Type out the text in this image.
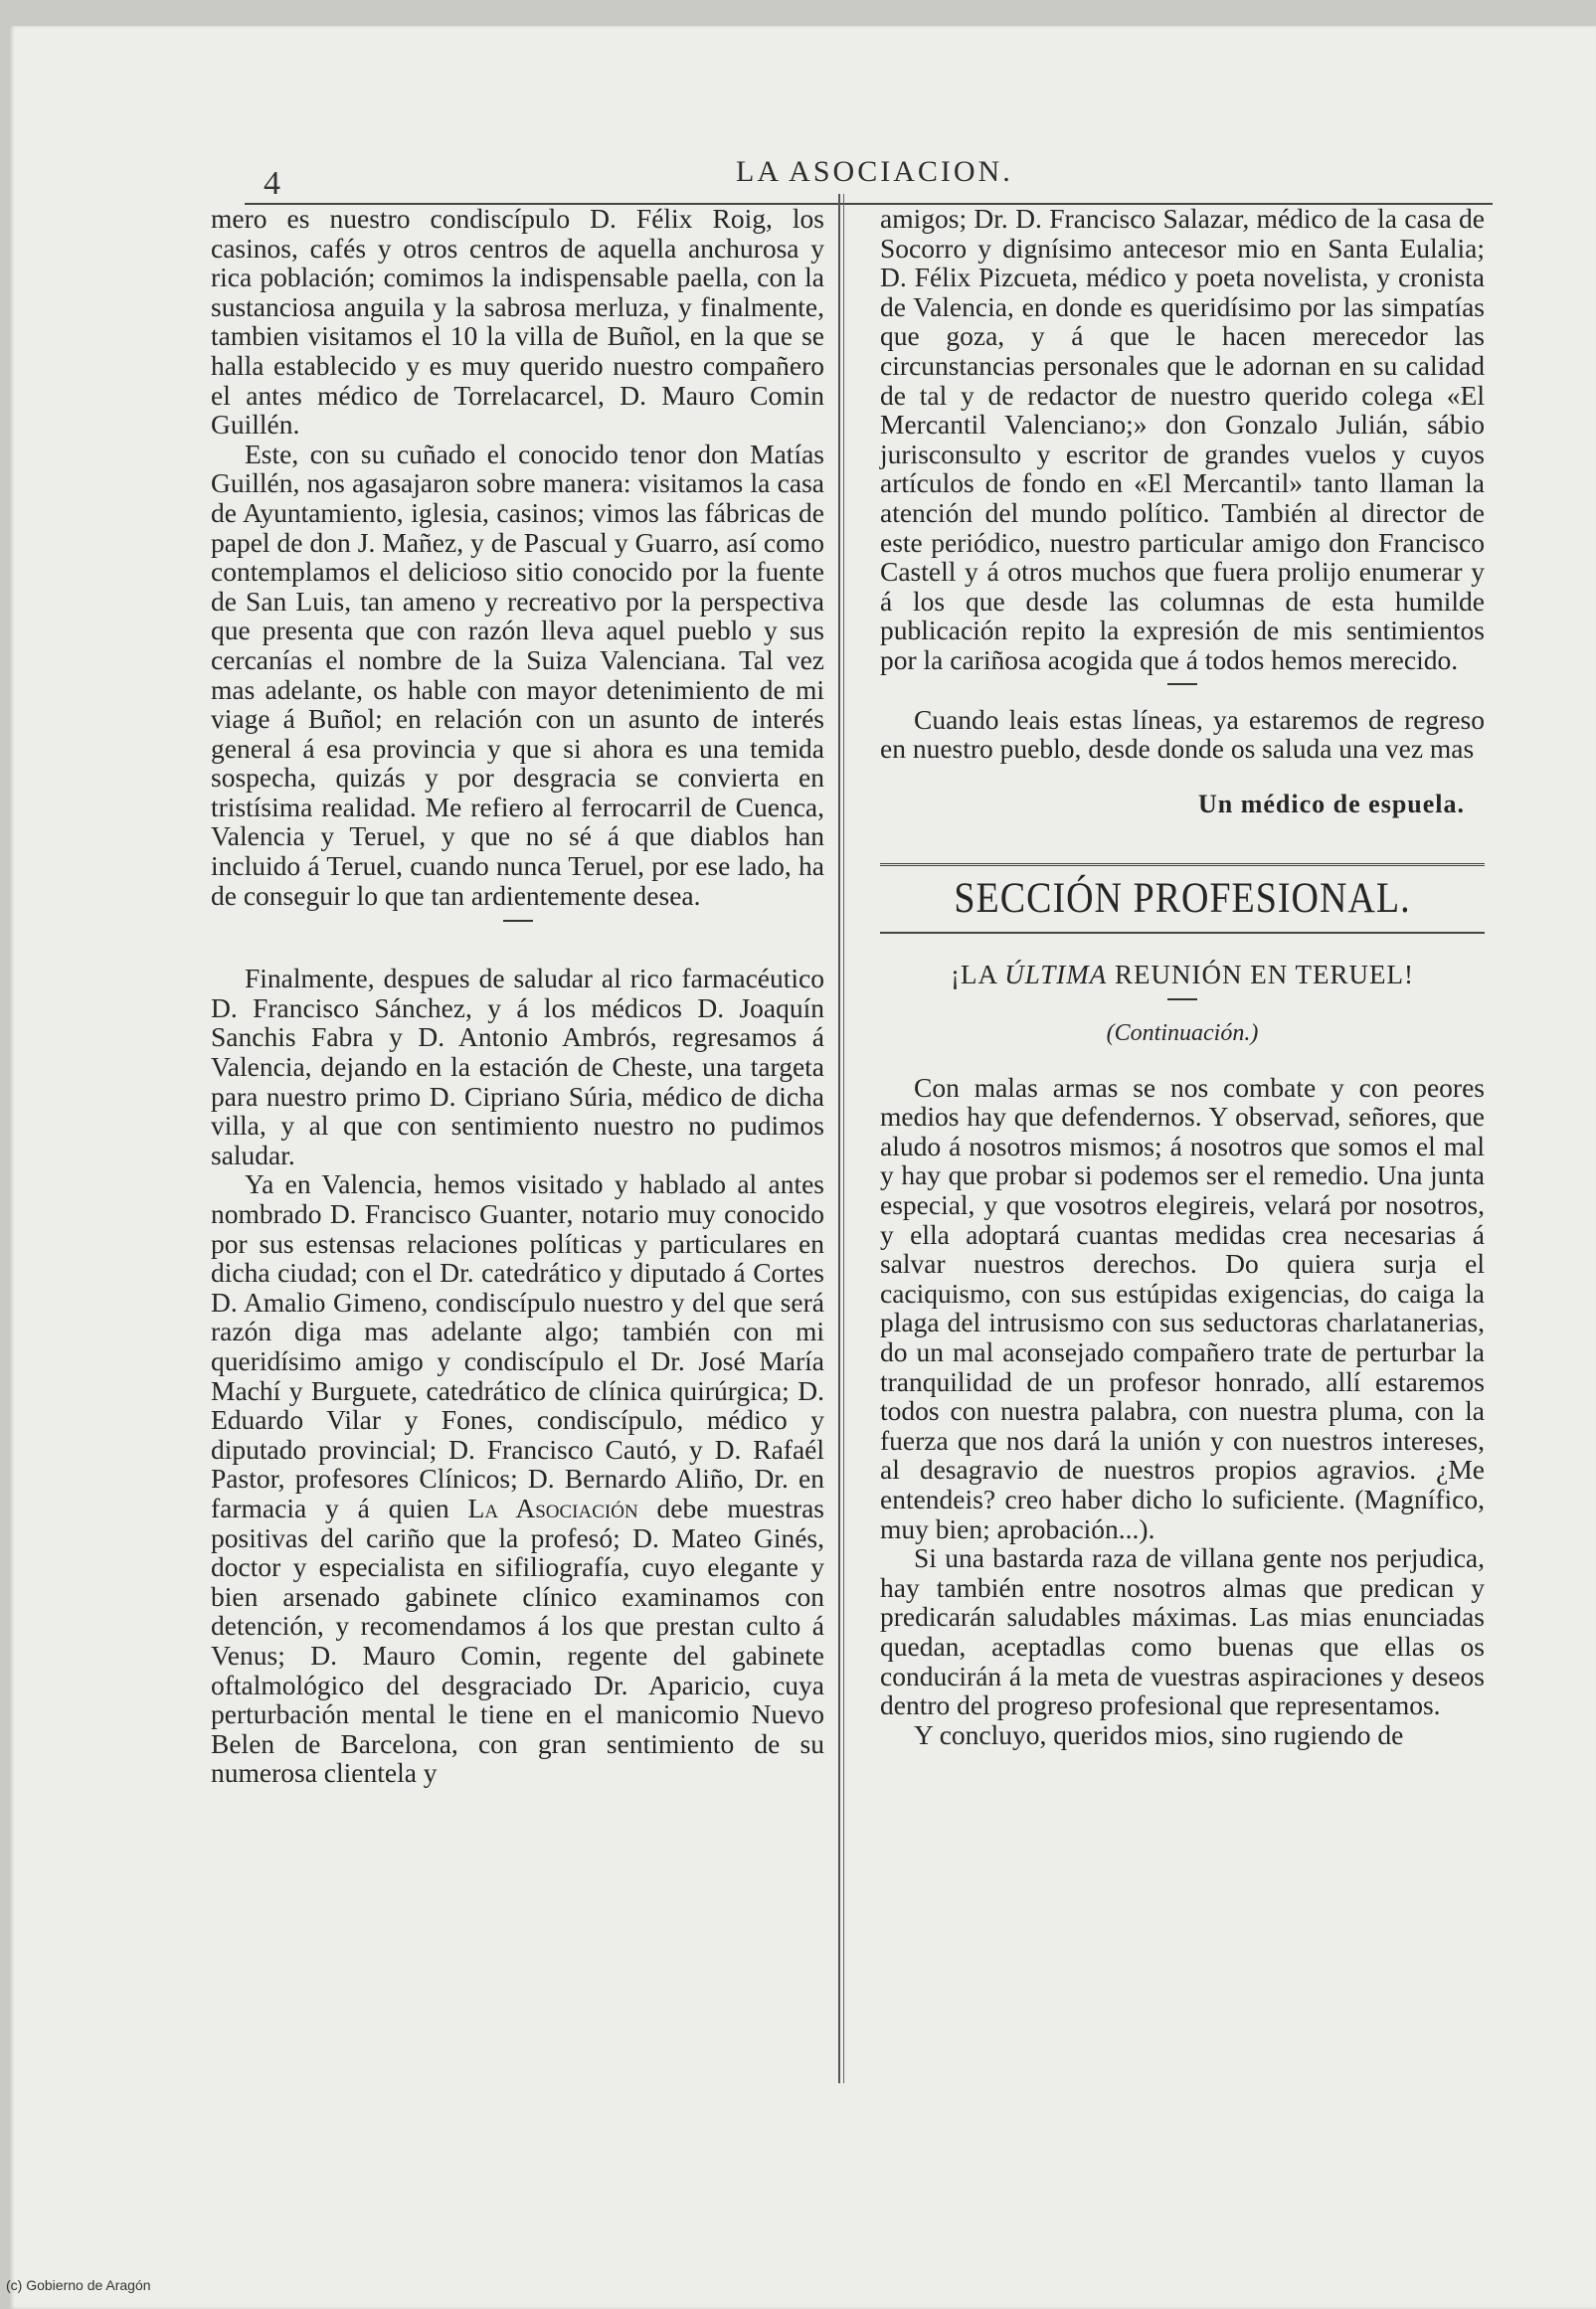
4	LA ASOCIACION.

mero es nuestro condiscípulo D. Félix Roig, los casinos, cafés y otros centros de aquella anchurosa y rica población; comimos la indispensable paella, con la sustanciosa anguila y la sabrosa merluza, y finalmente, tambien visitamos el 10 la villa de Buñol, en la que se halla establecido y es muy querido nuestro compañero el antes médico de Torrelacarcel, D. Mauro Comin Guillén.

Este, con su cuñado el conocido tenor don Matías Guillén, nos agasajaron sobre manera: visitamos la casa de Ayuntamiento, iglesia, casinos; vimos las fábricas de papel de don J. Mañez, y de Pascual y Guarro, así como contemplamos el delicioso sitio conocido por la fuente de San Luis, tan ameno y recreativo por la perspectiva que presenta que con razón lleva aquel pueblo y sus cercanías el nombre de la Suiza Valenciana. Tal vez mas adelante, os hable con mayor detenimiento de mi viage á Buñol; en relación con un asunto de interés general á esa provincia y que si ahora es una temida sospecha, quizás y por desgracia se convierta en tristísima realidad. Me refiero al ferrocarril de Cuenca, Valencia y Teruel, y que no sé á que diablos han incluido á Teruel, cuando nunca Teruel, por ese lado, ha de conseguir lo que tan ardientemente desea.

Finalmente, despues de saludar al rico farmacéutico D. Francisco Sánchez, y á los médicos D. Joaquín Sanchis Fabra y D. Antonio Ambrós, regresamos á Valencia, dejando en la estación de Cheste, una targeta para nuestro primo D. Cipriano Súria, médico de dicha villa, y al que con sentimiento nuestro no pudimos saludar.

Ya en Valencia, hemos visitado y hablado al antes nombrado D. Francisco Guanter, notario muy conocido por sus estensas relaciones políticas y particulares en dicha ciudad; con el Dr. catedrático y diputado á Cortes D. Amalio Gimeno, condiscípulo nuestro y del que será razón diga mas adelante algo; también con mi queridísimo amigo y condiscípulo el Dr. José María Machí y Burguete, catedrático de clínica quirúrgica; D. Eduardo Vilar y Fones, condiscípulo, médico y diputado provincial; D. Francisco Cautó, y D. Rafaél Pastor, profesores Clínicos; D. Bernardo Aliño, Dr. en farmacia y á quien La Asociación debe muestras positivas del cariño que la profesó; D. Mateo Ginés, doctor y especialista en sifiliografía, cuyo elegante y bien arsenado gabinete clínico examinamos con detención, y recomendamos á los que prestan culto á Venus; D. Mauro Comin, regente del gabinete oftalmológico del desgraciado Dr. Aparicio, cuya perturbación mental le tiene en el manicomio Nuevo Belen de Barcelona, con gran sentimiento de su numerosa clientela y

amigos; Dr. D. Francisco Salazar, médico de la casa de Socorro y dignísimo antecesor mio en Santa Eulalia; D. Félix Pizcueta, médico y poeta novelista, y cronista de Valencia, en donde es queridísimo por las simpatías que goza, y á que le hacen merecedor las circunstancias personales que le adornan en su calidad de tal y de redactor de nuestro querido colega «El Mercantil Valenciano;» don Gonzalo Julián, sábio jurisconsulto y escritor de grandes vuelos y cuyos artículos de fondo en «El Mercantil» tanto llaman la atención del mundo político. También al director de este periódico, nuestro particular amigo don Francisco Castell y á otros muchos que fuera prolijo enumerar y á los que desde las columnas de esta humilde publicación repito la expresión de mis sentimientos por la cariñosa acogida que á todos hemos merecido.

Cuando leais estas líneas, ya estaremos de regreso en nuestro pueblo, desde donde os saluda una vez mas

Un médico de espuela.
SECCIÓN PROFESIONAL.
¡LA ÚLTIMA REUNIÓN EN TERUEL!
(Continuación.)

Con malas armas se nos combate y con peores medios hay que defendernos. Y observad, señores, que aludo á nosotros mismos; á nosotros que somos el mal y hay que probar si podemos ser el remedio. Una junta especial, y que vosotros elegireis, velará por nosotros, y ella adoptará cuantas medidas crea necesarias á salvar nuestros derechos. Do quiera surja el caciquismo, con sus estúpidas exigencias, do caiga la plaga del intrusismo con sus seductoras charlatanerias, do un mal aconsejado compañero trate de perturbar la tranquilidad de un profesor honrado, allí estaremos todos con nuestra palabra, con nuestra pluma, con la fuerza que nos dará la unión y con nuestros intereses, al desagravio de nuestros propios agravios. ¿Me entendeis? creo haber dicho lo suficiente. (Magnífico, muy bien; aprobación...).

Si una bastarda raza de villana gente nos perjudica, hay también entre nosotros almas que predican y predicarán saludables máximas. Las mias enunciadas quedan, aceptadlas como buenas que ellas os conducirán á la meta de vuestras aspiraciones y deseos dentro del progreso profesional que representamos.

Y concluyo, queridos mios, sino rugiendo de

(c) Gobierno de Aragón
